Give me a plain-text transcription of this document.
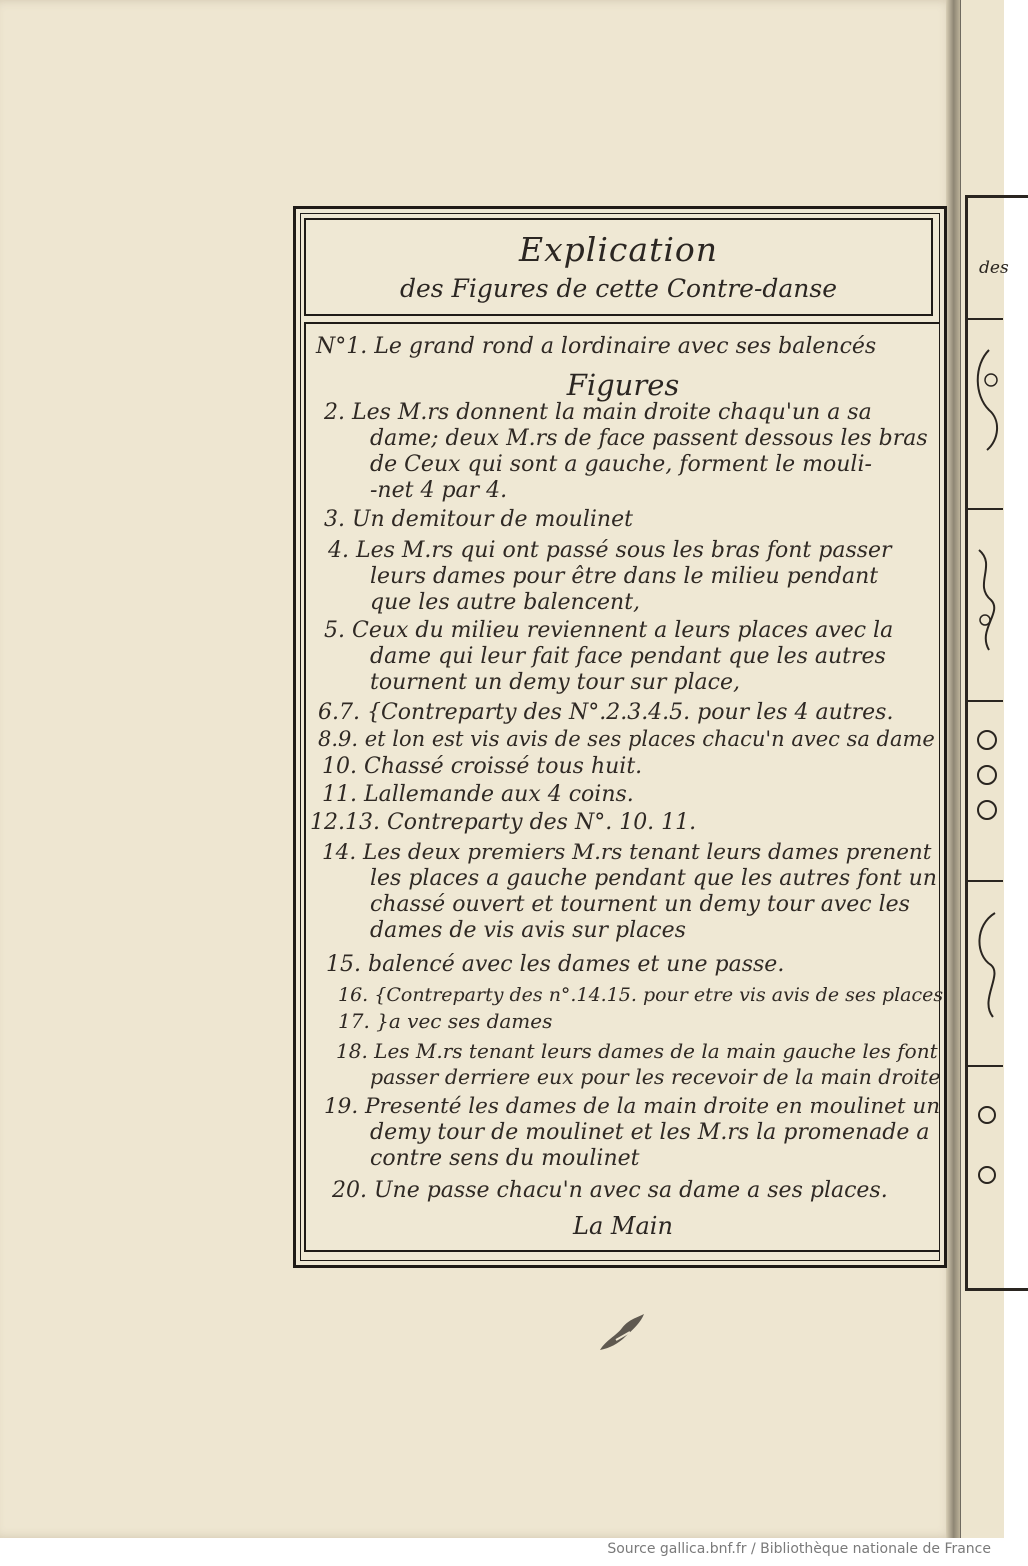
des
Explication
des Figures de cette Contre-danse
N°1. Le grand rond a lordinaire avec ses balencés
Figures
2. Les M.rs donnent la main droite chaqu'un a sa
dame; deux M.rs de face passent dessous les bras
de Ceux qui sont a gauche, forment le mouli-
-net 4 par 4.
3. Un demitour de moulinet
4. Les M.rs qui ont passé sous les bras font passer
leurs dames pour être dans le milieu pendant
que les autre balencent,
5. Ceux du milieu reviennent a leurs places avec la
dame qui leur fait face pendant que les autres
tournent un demy tour sur place,
6.7. {Contreparty des N°.2.3.4.5. pour les 4 autres.
8.9. et lon est vis avis de ses places chacu'n avec sa dame
10. Chassé croissé tous huit.
11. Lallemande aux 4 coins.
12.13. Contreparty des N°. 10. 11.
14. Les deux premiers M.rs tenant leurs dames prenent
les places a gauche pendant que les autres font un
chassé ouvert et tournent un demy tour avec les
dames de vis avis sur places
15. balencé avec les dames et une passe.
16. {Contreparty des n°.14.15. pour etre vis avis de ses places
17. }a vec ses dames
18. Les M.rs tenant leurs dames de la main gauche les font
passer derriere eux pour les recevoir de la main droite
19. Presenté les dames de la main droite en moulinet un
demy tour de moulinet et les M.rs la promenade a
contre sens du moulinet
20. Une passe chacu'n avec sa dame a ses places.
La Main
Source gallica.bnf.fr / Bibliothèque nationale de France
